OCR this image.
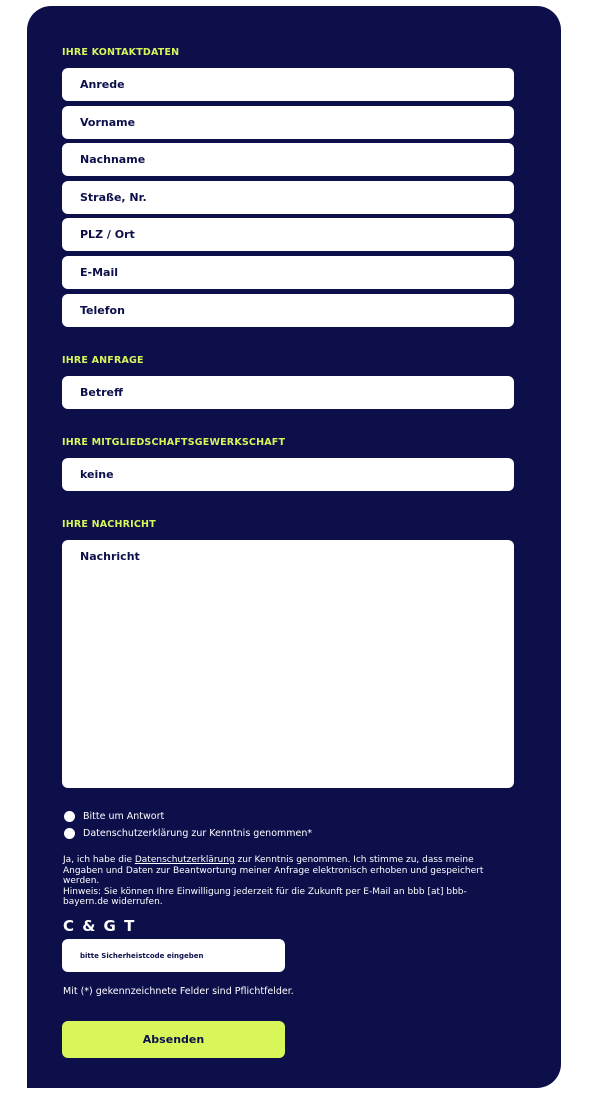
IHRE KONTAKTDATEN
Anrede
Vorname
Nachname
Straße, Nr.
PLZ / Ort
E-Mail
Telefon
IHRE ANFRAGE
Betreff
IHRE MITGLIEDSCHAFTSGEWERKSCHAFT
keine
IHRE NACHRICHT
Nachricht
Bitte um Antwort
Datenschutzerklärung zur Kenntnis genommen*
Ja, ich habe die Datenschutzerklärung zur Kenntnis genommen. Ich stimme zu, dass meine Angaben und Daten zur Beantwortung meiner Anfrage elektronisch erhoben und gespeichert werden.
Hinweis: Sie können Ihre Einwilligung jederzeit für die Zukunft per E-Mail an bbb [at] bbb-bayern.de widerrufen.
C & G T
bitte Sicherheistcode eingeben
Mit (*) gekennzeichnete Felder sind Pflichtfelder.
Absenden
